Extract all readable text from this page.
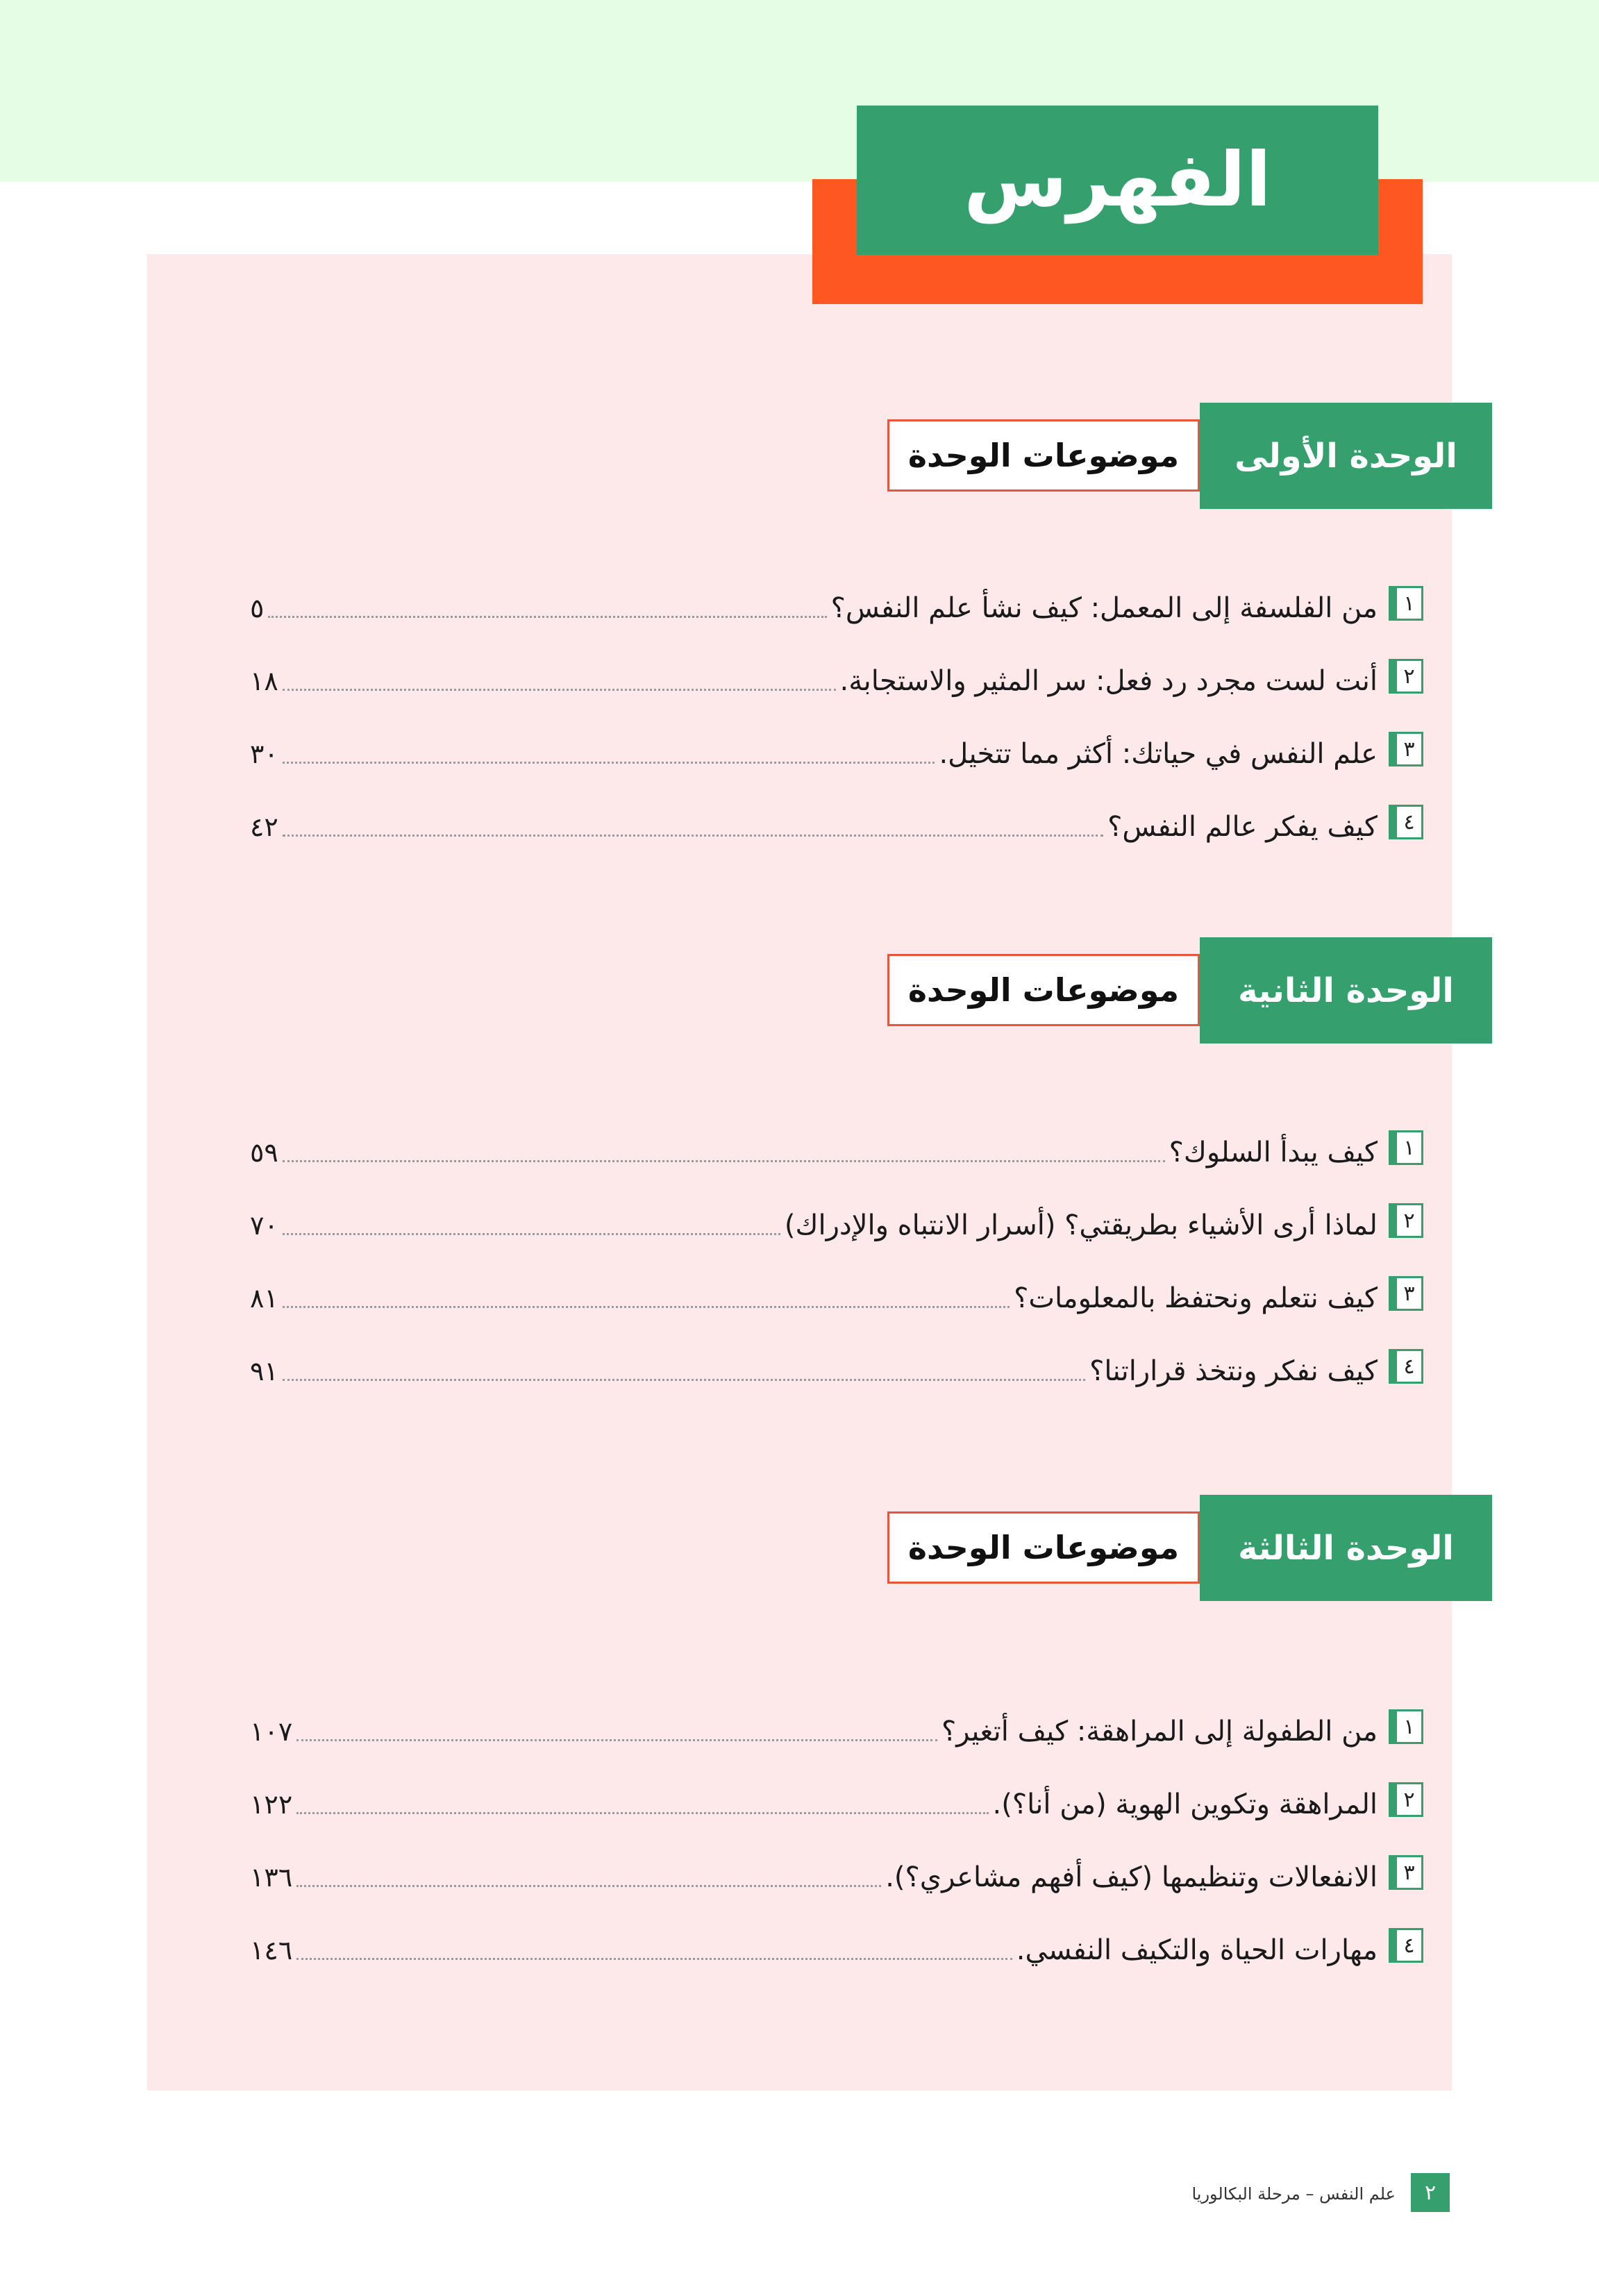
الفهرس
موضوعات الوحدة الوحدة الأولى
١
من الفلسفة إلى المعمل: كيف نشأ علم النفس؟
٥
٢
أنت لست مجرد رد فعل: سر المثير والاستجابة.
١٨
٣
علم النفس في حياتك: أكثر مما تتخيل.
٣٠
٤
كيف يفكر عالم النفس؟
٤٢
موضوعات الوحدة الوحدة الثانية
١
كيف يبدأ السلوك؟
٥٩
٢
لماذا أرى الأشياء بطريقتي؟ (أسرار الانتباه والإدراك)
٧٠
٣
كيف نتعلم ونحتفظ بالمعلومات؟
٨١
٤
كيف نفكر ونتخذ قراراتنا؟
٩١
موضوعات الوحدة الوحدة الثالثة
١
من الطفولة إلى المراهقة: كيف أتغير؟
١٠٧
٢
المراهقة وتكوين الهوية (من أنا؟).
١٢٢
٣
الانفعالات وتنظيمها (كيف أفهم مشاعري؟).
١٣٦
٤
مهارات الحياة والتكيف النفسي.
١٤٦
٢
علم النفس – مرحلة البكالوريا
